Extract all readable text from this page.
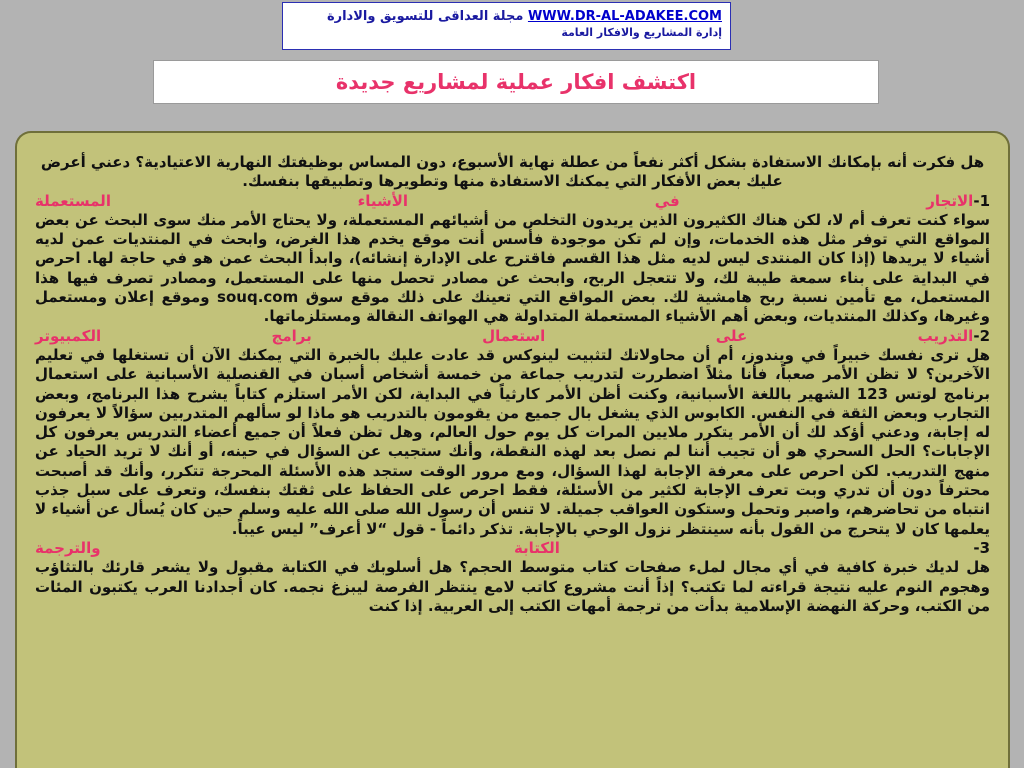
WWW.DR-AL-ADAKEE.COM مجلة العداقى للتسويق والادارة
إدارة المشاريع والافكار العامة
اكتشف افكار عملية لمشاريع جديدة

هل فكرت أنه بإمكانك الاستفادة بشكل أكثر نفعاً من عطلة نهاية الأسبوع، دون المساس بوظيفتك النهارية الاعتيادية؟ دعني أعرض عليك بعض الأفكار التي يمكنك الاستفادة منها وتطويرها وتطبيقها بنفسك.

1-الاتجار
في
الأشياء
المستعملة

سواء كنت تعرف أم لا، لكن هناك الكثيرون الذين يريدون التخلص من أشيائهم المستعملة، ولا يحتاج الأمر منك سوى البحث عن بعض المواقع التي توفر مثل هذه الخدمات، وإن لم تكن موجودة فأسس أنت موقع يخدم هذا الغرض، وابحث في المنتديات عمن لديه أشياء لا يريدها (إذا كان المنتدى ليس لديه مثل هذا القسم فاقترح على الإدارة إنشائه)، وابدأ البحث عمن هو في حاجة لها. احرص في البداية على بناء سمعة طيبة لك، ولا تتعجل الربح، وابحث عن مصادر تحصل منها على المستعمل، ومصادر تصرف فيها هذا المستعمل، مع تأمين نسبة ربح هامشية لك. بعض المواقع التي تعينك على ذلك موقع سوق souq.com وموقع إعلان ومستعمل وغيرها، وكذلك المنتديات، وبعض أهم الأشياء المستعملة المتداولة هي الهواتف النقالة ومستلزماتها.

2-التدريب
على
استعمال
برامج
الكمبيوتر

هل ترى نفسك خبيراً في ويندوز، أم أن محاولاتك لتثبيت لينوكس قد عادت عليك بالخبرة التي يمكنك الآن أن تستغلها في تعليم الآخرين؟ لا تظن الأمر صعباً، فأنا مثلاً اضطررت لتدريب جماعة من خمسة أشخاص أسبان في القنصلية الأسبانية على استعمال برنامج لوتس 123 الشهير باللغة الأسبانية، وكنت أظن الأمر كارثياً في البداية، لكن الأمر استلزم كتاباً يشرح هذا البرنامج، وبعض التجارب وبعض الثقة في النفس. الكابوس الذي يشغل بال جميع من يقومون بالتدريب هو ماذا لو سألهم المتدربين سؤالاً لا يعرفون له إجابة، ودعني أؤكد لك أن الأمر يتكرر ملايين المرات كل يوم حول العالم، وهل تظن فعلاً أن جميع أعضاء التدريس يعرفون كل الإجابات؟ الحل السحري هو أن تجيب أننا لم نصل بعد لهذه النقطة، وأنك ستجيب عن السؤال في حينه، أو أنك لا تريد الحياد عن منهج التدريب. لكن احرص على معرفة الإجابة لهذا السؤال، ومع مرور الوقت ستجد هذه الأسئلة المحرجة تتكرر، وأنك قد أصبحت محترفاً دون أن تدري وبت تعرف الإجابة لكثير من الأسئلة، فقط احرص على الحفاظ على ثقتك بنفسك، وتعرف على سبل جذب انتباه من تحاضرهم، واصبر وتحمل وستكون العواقب جميلة. لا تنس أن رسول الله صلى الله عليه وسلم حين كان يُسأل عن أشياء لا يعلمها كان لا يتحرج من القول بأنه سينتظر نزول الوحي بالإجابة. تذكر دائماً - قول “لا أعرف” ليس عيباً.

3-
الكتابة
والترجمة

هل لديك خبرة كافية في أي مجال لملء صفحات كتاب متوسط الحجم؟ هل أسلوبك في الكتابة مقبول ولا يشعر قارئك بالتثاؤب وهجوم النوم عليه نتيجة قراءته لما تكتب؟ إذاً أنت مشروع كاتب لامع ينتظر الفرصة ليبزغ نجمه. كان أجدادنا العرب يكتبون المئات من الكتب، وحركة النهضة الإسلامية بدأت من ترجمة أمهات الكتب إلى العربية. إذا كنت
